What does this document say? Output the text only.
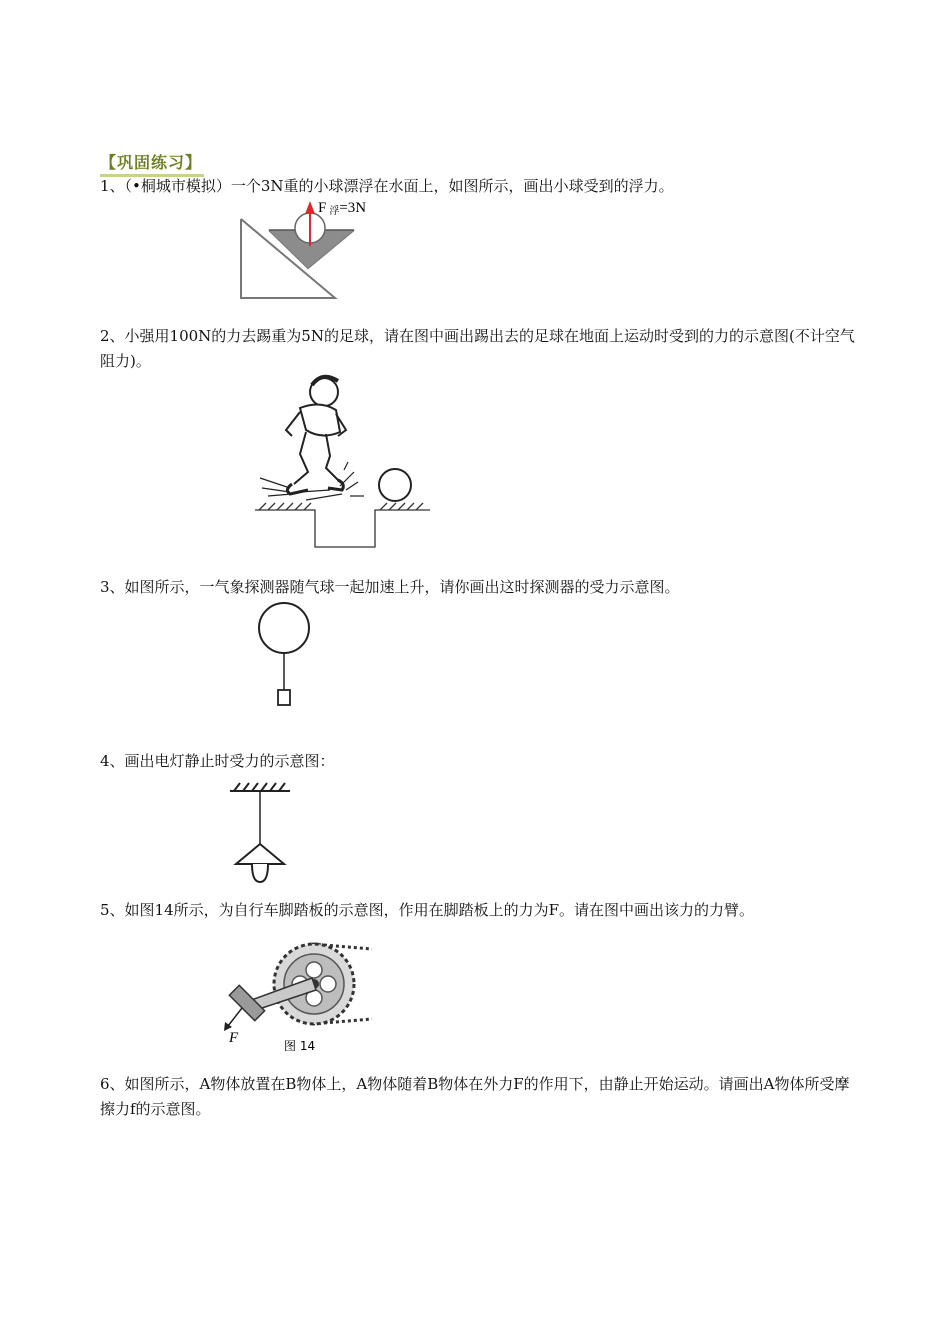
【巩固练习】
1、（•桐城市模拟）一个3N重的小球漂浮在水面上，如图所示，画出小球受到的浮力。
F浮=3N
2、小强用100N的力去踢重为5N的足球，请在图中画出踢出去的足球在地面上运动时受到的力的示意图(不计空气阻力)。
3、如图所示，一气象探测器随气球一起加速上升，请你画出这时探测器的受力示意图。
4、画出电灯静止时受力的示意图：
5、如图14所示，为自行车脚踏板的示意图，作用在脚踏板上的力为F。请在图中画出该力的力臂。
F	图 14
6、如图所示，A物体放置在B物体上，A物体随着B物体在外力F的作用下，由静止开始运动。请画出A物体所受摩擦力f的示意图。
